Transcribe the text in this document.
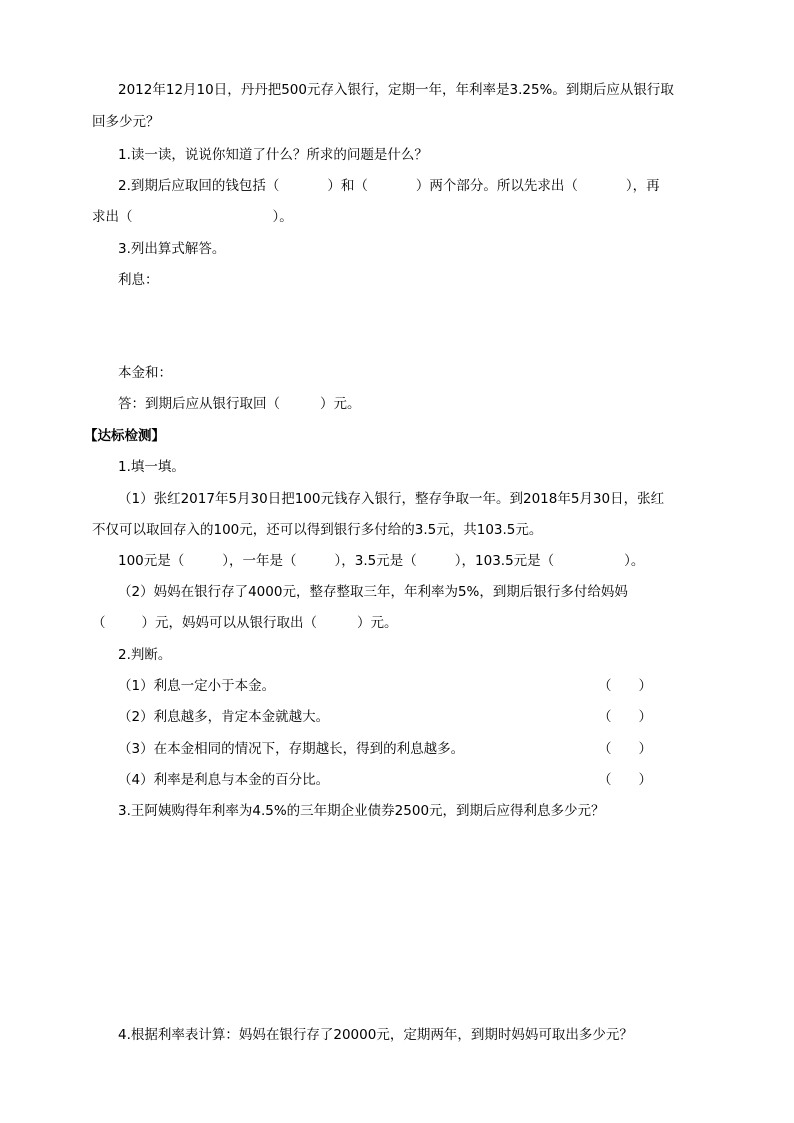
2012年12月10日，丹丹把500元存入银行，定期一年，年利率是3.25%。到期后应从银行取
回多少元？
1.读一读，说说你知道了什么？所求的问题是什么？
2.到期后应取回的钱包括（	）和（	）两个部分。所以先求出（	），再
求出（	）。
3.列出算式解答。
利息：
本金和：
答：到期后应从银行取回（	）元。
【达标检测】
1.填一填。
（1）张红2017年5月30日把100元钱存入银行，整存争取一年。到2018年5月30日，张红
不仅可以取回存入的100元，还可以得到银行多付给的3.5元，共103.5元。
100元是（	），一年是（	），3.5元是（	），103.5元是（	）。
（2）妈妈在银行存了4000元，整存整取三年，年利率为5%，到期后银行多付给妈妈
（	）元，妈妈可以从银行取出（	）元。
2.判断。
（1）利息一定小于本金。	（　　）
（2）利息越多，肯定本金就越大。	（　　）
（3）在本金相同的情况下，存期越长，得到的利息越多。	（　　）
（4）利率是利息与本金的百分比。	（　　）
3.王阿姨购得年利率为4.5%的三年期企业债券2500元，到期后应得利息多少元？
4.根据利率表计算：妈妈在银行存了20000元，定期两年，到期时妈妈可取出多少元？
